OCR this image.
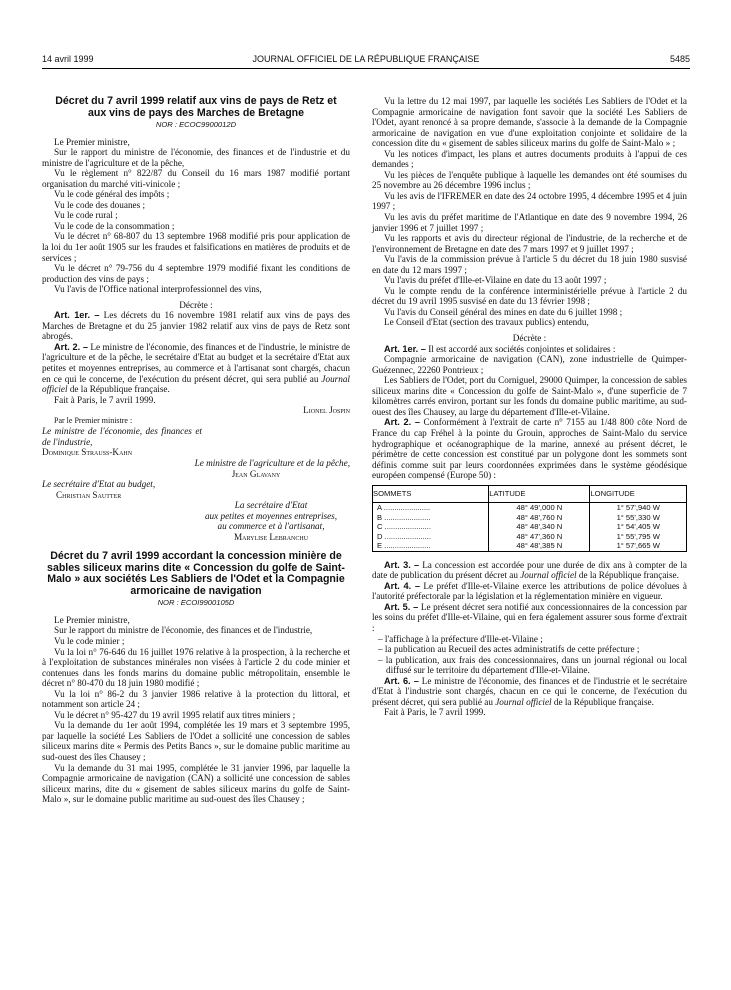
14 avril 1999	JOURNAL OFFICIEL DE LA RÉPUBLIQUE FRANÇAISE	5485

Décret du 7 avril 1999 relatif aux vins de pays de Retz et aux vins de pays des Marches de Bretagne

NOR : ECOC9900012D

Le Premier ministre,

Sur le rapport du ministre de l'économie, des finances et de l'industrie et du ministre de l'agriculture et de la pêche,

Vu le règlement n° 822/87 du Conseil du 16 mars 1987 modifié portant organisation du marché viti-vinicole ;

Vu le code général des impôts ;

Vu le code des douanes ;

Vu le code rural ;

Vu le code de la consommation ;

Vu le décret n° 68-807 du 13 septembre 1968 modifié pris pour application de la loi du 1er août 1905 sur les fraudes et falsifications en matières de produits et de services ;

Vu le décret n° 79-756 du 4 septembre 1979 modifié fixant les conditions de production des vins de pays ;

Vu l'avis de l'Office national interprofessionnel des vins,

Décrète :

Art. 1er. – Les décrets du 16 novembre 1981 relatif aux vins de pays des Marches de Bretagne et du 25 janvier 1982 relatif aux vins de pays de Retz sont abrogés.

Art. 2. – Le ministre de l'économie, des finances et de l'industrie, le ministre de l'agriculture et de la pêche, le secrétaire d'Etat au budget et la secrétaire d'Etat aux petites et moyennes entreprises, au commerce et à l'artisanat sont chargés, chacun en ce qui le concerne, de l'exécution du présent décret, qui sera publié au Journal officiel de la République française.

Fait à Paris, le 7 avril 1999.

Lionel Jospin

Par le Premier ministre :

Le ministre de l'économie, des finances et de l'industrie,

Dominique Strauss-Kahn

Le ministre de l'agriculture et de la pêche,

Jean Glavany

Le secrétaire d'Etat au budget,

Christian Sautter

La secrétaire d'Etat

aux petites et moyennes entreprises,

au commerce et à l'artisanat,

Marylise Lebranchu

Décret du 7 avril 1999 accordant la concession minière de sables siliceux marins dite « Concession du golfe de Saint-Malo » aux sociétés Les Sabliers de l'Odet et la Compagnie armoricaine de navigation

NOR : ECOI9900105D

Le Premier ministre,

Sur le rapport du ministre de l'économie, des finances et de l'industrie,

Vu le code minier ;

Vu la loi n° 76-646 du 16 juillet 1976 relative à la prospection, à la recherche et à l'exploitation de substances minérales non visées à l'article 2 du code minier et contenues dans les fonds marins du domaine public métropolitain, ensemble le décret n° 80-470 du 18 juin 1980 modifié ;

Vu la loi n° 86-2 du 3 janvier 1986 relative à la protection du littoral, et notamment son article 24 ;

Vu le décret n° 95-427 du 19 avril 1995 relatif aux titres miniers ;

Vu la demande du 1er août 1994, complétée les 19 mars et 3 septembre 1995, par laquelle la société Les Sabliers de l'Odet a sollicité une concession de sables siliceux marins dite « Permis des Petits Bancs », sur le domaine public maritime au sud-ouest des îles Chausey ;

Vu la demande du 31 mai 1995, complétée le 31 janvier 1996, par laquelle la Compagnie armoricaine de navigation (CAN) a sollicité une concession de sables siliceux marins, dite du « gisement de sables siliceux marins du golfe de Saint-Malo », sur le domaine public maritime au sud-ouest des îles Chausey ;

Vu la lettre du 12 mai 1997, par laquelle les sociétés Les Sabliers de l'Odet et la Compagnie armoricaine de navigation font savoir que la société Les Sabliers de l'Odet, ayant renoncé à sa propre demande, s'associe à la demande de la Compagnie armoricaine de navigation en vue d'une exploitation conjointe et solidaire de la concession dite du « gisement de sables siliceux marins du golfe de Saint-Malo » ;

Vu les notices d'impact, les plans et autres documents produits à l'appui de ces demandes ;

Vu les pièces de l'enquête publique à laquelle les demandes ont été soumises du 25 novembre au 26 décembre 1996 inclus ;

Vu les avis de l'IFREMER en date des 24 octobre 1995, 4 décembre 1995 et 4 juin 1997 ;

Vu les avis du préfet maritime de l'Atlantique en date des 9 novembre 1994, 26 janvier 1996 et 7 juillet 1997 ;

Vu les rapports et avis du directeur régional de l'industrie, de la recherche et de l'environnement de Bretagne en date des 7 mars 1997 et 9 juillet 1997 ;

Vu l'avis de la commission prévue à l'article 5 du décret du 18 juin 1980 susvisé en date du 12 mars 1997 ;

Vu l'avis du préfet d'Ille-et-Vilaine en date du 13 août 1997 ;

Vu le compte rendu de la conférence interministérielle prévue à l'article 2 du décret du 19 avril 1995 susvisé en date du 13 février 1998 ;

Vu l'avis du Conseil général des mines en date du 6 juillet 1998 ;

Le Conseil d'Etat (section des travaux publics) entendu,

Décrète :

Art. 1er. – Il est accordé aux sociétés conjointes et solidaires :

Compagnie armoricaine de navigation (CAN), zone industrielle de Quimper-Guézennec, 22260 Pontrieux ;

Les Sabliers de l'Odet, port du Corniguel, 29000 Quimper, la concession de sables siliceux marins dite « Concession du golfe de Saint-Malo », d'une superficie de 7 kilomètres carrés environ, portant sur les fonds du domaine public maritime, au sud-ouest des îles Chausey, au large du département d'Ille-et-Vilaine.

Art. 2. – Conformément à l'extrait de carte n° 7155 au 1/48 800 côte Nord de France du cap Fréhel à la pointe du Grouin, approches de Saint-Malo du service hydrographique et océanographique de la marine, annexé au présent décret, le périmètre de cette concession est constitué par un polygone dont les sommets sont définis comme suit par leurs coordonnées exprimées dans le système géodésique européen compensé (Europe 50) :

SOMMETS	LATITUDE	LONGITUDE
A ......................	48° 49',000 N	1° 57',940 W
B ......................	48° 48',760 N	1° 55',330 W
C ......................	48° 48',340 N	1° 54',405 W
D ......................	48° 47',360 N	1° 55',795 W
E ......................	48° 48',385 N	1° 57',665 W

Art. 3. – La concession est accordée pour une durée de dix ans à compter de la date de publication du présent décret au Journal officiel de la République française.

Art. 4. – Le préfet d'Ille-et-Vilaine exerce les attributions de police dévolues à l'autorité préfectorale par la législation et la réglementation minière en vigueur.

Art. 5. – Le présent décret sera notifié aux concessionnaires de la concession par les soins du préfet d'Ille-et-Vilaine, qui en fera également assurer sous forme d'extrait :

– l'affichage à la préfecture d'Ille-et-Vilaine ;

– la publication au Recueil des actes administratifs de cette préfecture ;

– la publication, aux frais des concessionnaires, dans un journal régional ou local diffusé sur le territoire du département d'Ille-et-Vilaine.

Art. 6. – Le ministre de l'économie, des finances et de l'industrie et le secrétaire d'Etat à l'industrie sont chargés, chacun en ce qui le concerne, de l'exécution du présent décret, qui sera publié au Journal officiel de la République française.

Fait à Paris, le 7 avril 1999.
